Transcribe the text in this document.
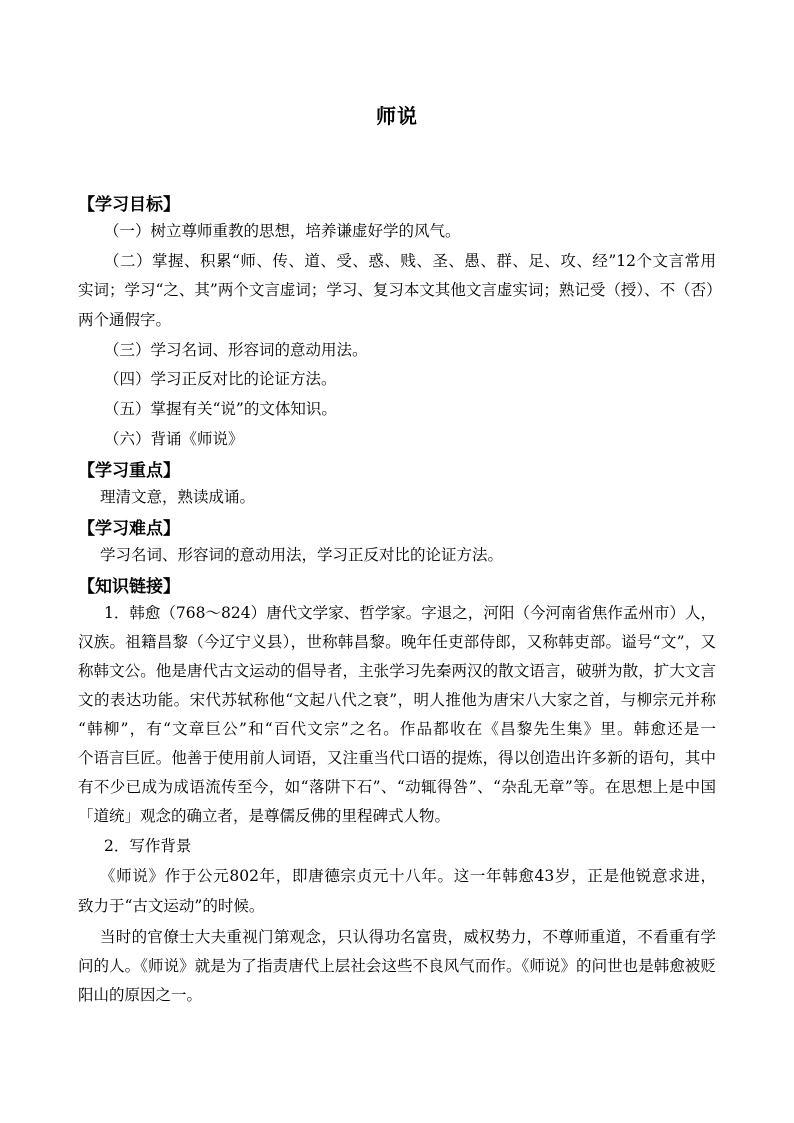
师说
【学习目标】
（一）树立尊师重教的思想，培养谦虚好学的风气。
（二）掌握、积累“师、传、道、受、惑、贱、圣、愚、群、足、攻、经”12个文言常用
实词；学习“之、其”两个文言虚词；学习、复习本文其他文言虚实词；熟记受（授）、不（否）
两个通假字。
（三）学习名词、形容词的意动用法。
（四）学习正反对比的论证方法。
（五）掌握有关“说”的文体知识。
（六）背诵《师说》
【学习重点】
理清文意，熟读成诵。
【学习难点】
学习名词、形容词的意动用法，学习正反对比的论证方法。
【知识链接】
1．韩愈（768～824）唐代文学家、哲学家。字退之，河阳（今河南省焦作孟州市）人，
汉族。祖籍昌黎（今辽宁义县），世称韩昌黎。晚年任吏部侍郎，又称韩吏部。谥号“文”，又
称韩文公。他是唐代古文运动的倡导者，主张学习先秦两汉的散文语言，破骈为散，扩大文言
文的表达功能。宋代苏轼称他“文起八代之衰”，明人推他为唐宋八大家之首，与柳宗元并称
“韩柳”，有“文章巨公”和“百代文宗”之名。作品都收在《昌黎先生集》里。韩愈还是一
个语言巨匠。他善于使用前人词语，又注重当代口语的提炼，得以创造出许多新的语句，其中
有不少已成为成语流传至今，如“落阱下石”、“动辄得咎”、“杂乱无章”等。在思想上是中国
「道统」观念的确立者，是尊儒反佛的里程碑式人物。
2．写作背景
《师说》作于公元802年，即唐德宗贞元十八年。这一年韩愈43岁，正是他锐意求进，
致力于“古文运动”的时候。
当时的官僚士大夫重视门第观念，只认得功名富贵，威权势力，不尊师重道，不看重有学
问的人。《师说》就是为了指责唐代上层社会这些不良风气而作。《师说》的问世也是韩愈被贬
阳山的原因之一。
